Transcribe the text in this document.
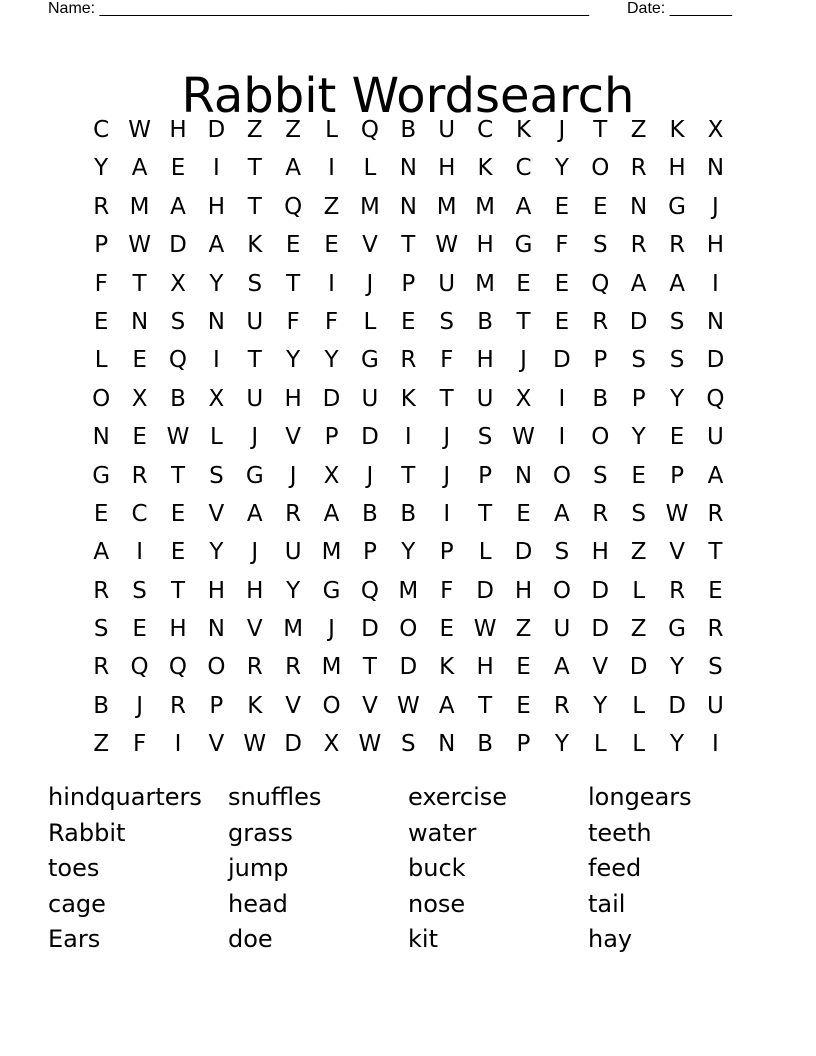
Name: _______________________________________________________ Date: _______
Rabbit Wordsearch
C W H D Z Z	L Q B U C K	J	T	Z K X
Y	A	E	I	T	A	I	L	N H K C	Y O R H N
R M A H T Q Z M N M M A	E	E N G	J
P W D A K	E	E	V	T W H G F	S	R R H
F	T	X	Y	S	T	I	J	P	U M E	E Q A A	I
E N S N U	F	F	L	E	S	B	T	E	R D S N
L	E Q	I	T	Y	Y G R	F	H	J	D P	S	S D
O X B X U H D U K	T U X	I	B	P	Y Q
N E W L	J	V	P D	I	J	S W	I	O Y	E U
G R	T	S G	J	X	J	T	J	P N O S	E	P	A
E	C	E	V A R A B B	I	T	E	A R	S W R
A	I	E	Y	J	U M P	Y	P	L	D S H Z V	T
R	S	T H H Y G Q M F D H O D	L	R	E
S	E H N V M	J	D O E W Z U D Z G R
R Q Q O R R M T D K H E	A V D Y	S
B	J	R	P	K V O V W A	T	E	R	Y	L	D U
Z	F	I	V W D X W S N B	P	Y	L	L	Y	I
hindquarters	snuffles	exercise	longears
Rabbit	grass	water	teeth
toes	jump	buck	feed
cage	head	nose	tail
Ears	doe	kit	hay
